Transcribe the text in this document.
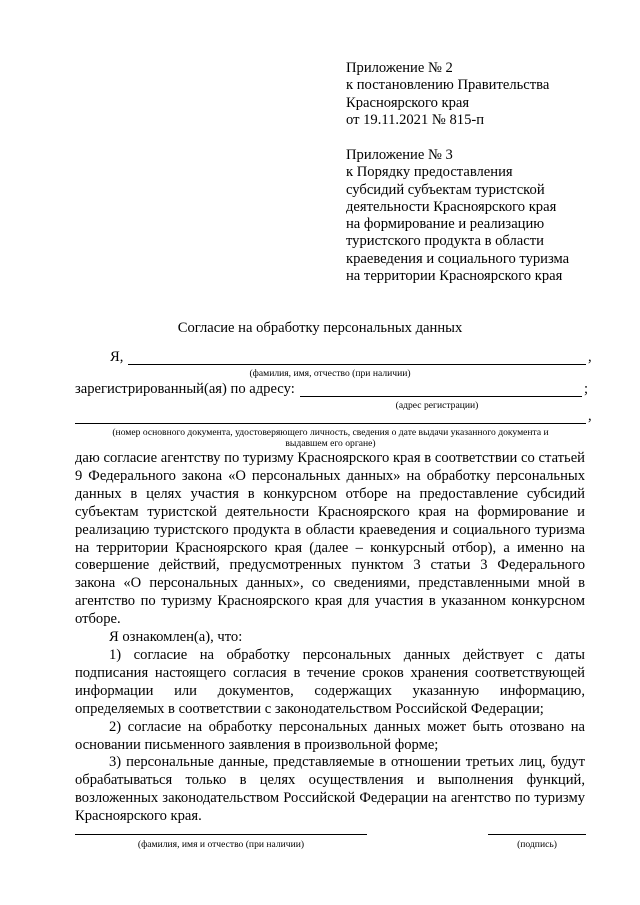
Приложение № 2
к постановлению Правительства
Красноярского края
от 19.11.2021 № 815-п
Приложение № 3
к Порядку предоставления
субсидий субъектам туристской
деятельности Красноярского края
на формирование и реализацию
туристского продукта в области
краеведения и социального туризма
на территории Красноярского края
Согласие на обработку персональных данных
Я,	,
(фамилия, имя, отчество (при наличии)
зарегистрированный(ая) по адресу:	;
(адрес регистрации)
,
(номер основного документа, удостоверяющего личность, сведения о дате выдачи указанного документа и
выдавшем его органе)

даю согласие агентству по туризму Красноярского края в соответствии со статьей 9 Федерального закона «О персональных данных» на обработку персональных данных в целях участия в конкурсном отборе на предоставление субсидий субъектам туристской деятельности Красноярского края на формирование и реализацию туристского продукта в области краеведения и социального туризма на территории Красноярского края (далее – конкурсный отбор), а именно на совершение действий, предусмотренных пунктом 3 статьи 3 Федерального закона «О персональных данных», со сведениями, представленными мной в агентство по туризму Красноярского края для участия в указанном конкурсном отборе.

Я ознакомлен(а), что:

1) согласие на обработку персональных данных действует с даты подписания настоящего согласия в течение сроков хранения соответствующей информации или документов, содержащих указанную информацию, определяемых в соответствии с законодательством Российской Федерации;

2) согласие на обработку персональных данных может быть отозвано на основании письменного заявления в произвольной форме;

3) персональные данные, представляемые в отношении третьих лиц, будут обрабатываться только в целях осуществления и выполнения функций, возложенных законодательством Российской Федерации на агентство по туризму Красноярского края.

(фамилия, имя и отчество (при наличии)	(подпись)
